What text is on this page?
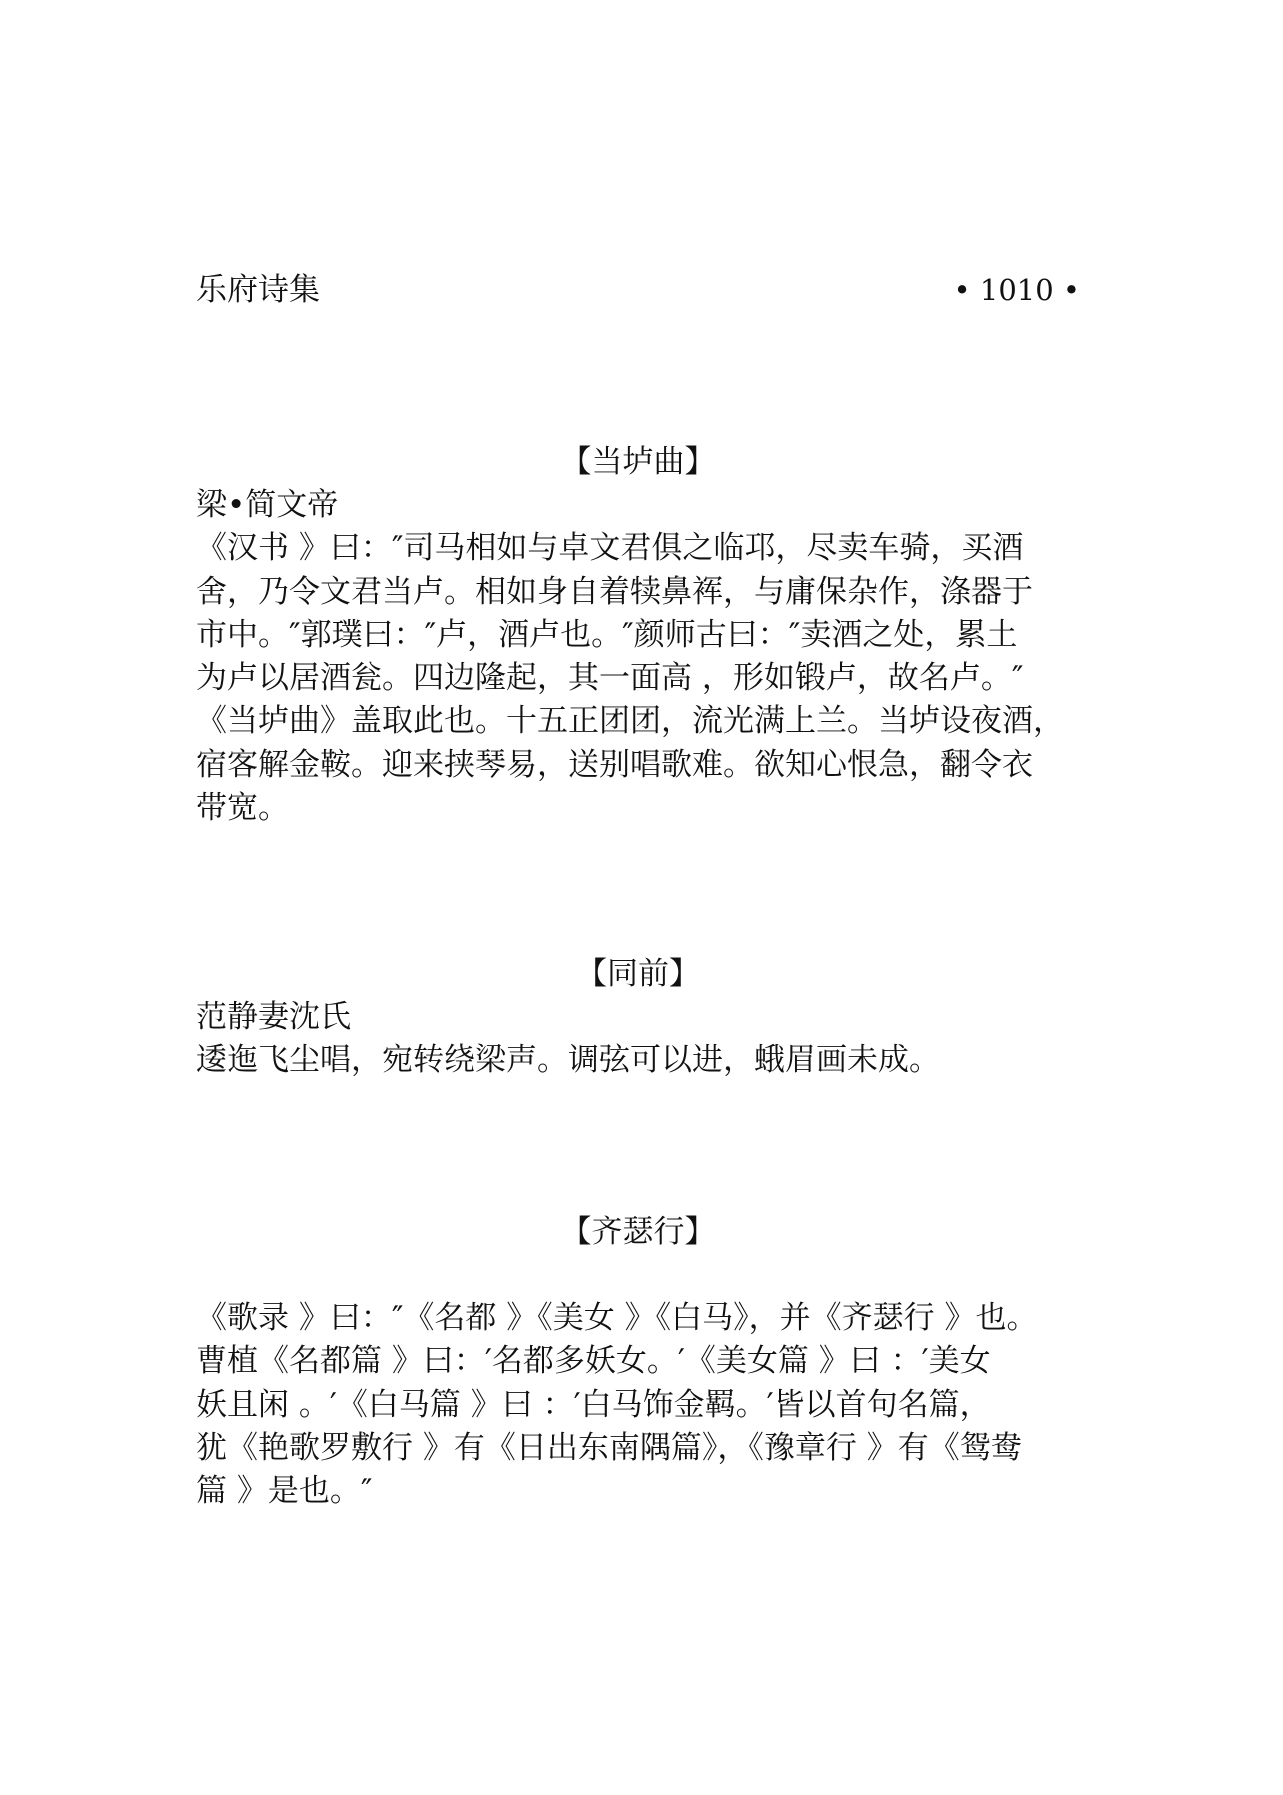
乐府诗集	• 1010 •
【当垆曲】
梁•简文帝
《汉书 》曰：″司马相如与卓文君俱之临邛，尽卖车骑，买酒
舍，乃令文君当卢。相如身自着犊鼻裈，与庸保杂作，涤器于
市中。″郭璞曰：″卢，酒卢也。″颜师古曰：″卖酒之处，累土
为卢以居酒瓮。四边隆起，其一面高 ，形如锻卢，故名卢。″
《当垆曲》盖取此也。十五正团团，流光满上兰。当垆设夜酒，
宿客解金鞍。迎来挟琴易，送别唱歌难。欲知心恨急，翻令衣
带宽。
【同前】
范静妻沈氏
逶迤飞尘唱，宛转绕梁声。调弦可以进，蛾眉画未成。
【齐瑟行】
《歌录 》曰：″《名都 》《美女 》《白马》，并《齐瑟行 》也。
曹植《名都篇 》曰：′名都多妖女。′《美女篇 》曰 ：′美女
妖且闲 。′《白马篇 》曰 ：′白马饰金羁。′皆以首句名篇，
犹《艳歌罗敷行 》有《日出东南隅篇》，《豫章行 》有《鸳鸯
篇 》是也。″
